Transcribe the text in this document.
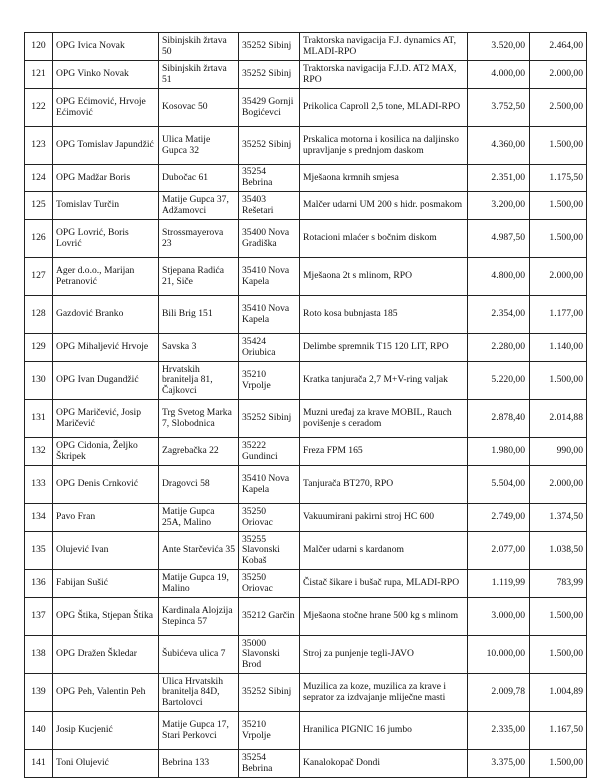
120	OPG Ivica Novak	Sibinjskih žrtava 50	35252 Sibinj	Traktorska navigacija F.J. dynamics AT, MLADI-RPO	3.520,00	2.464,00
121	OPG Vinko Novak	Sibinjskih žrtava 51	35252 Sibinj	Traktorska navigacija F.J.D. AT2 MAX, RPO	4.000,00	2.000,00
122	OPG Ećimović, Hrvoje Ećimović	Kosovac 50	35429 Gornji Bogićevci	Prikolica Caproll 2,5 tone, MLADI-RPO	3.752,50	2.500,00
123	OPG Tomislav Japundžić	Ulica Matije Gupca 32	35252 Sibinj	Prskalica motorna i kosilica na daljinsko upravljanje s prednjom daskom	4.360,00	1.500,00
124	OPG Madžar Boris	Dubočac 61	35254 Bebrina	Mješaona krmnih smjesa	2.351,00	1.175,50
125	Tomislav Turčin	Matije Gupca 37, Adžamovci	35403 Rešetari	Malčer udarni UM 200 s hidr. posmakom	3.200,00	1.500,00
126	OPG Lovrić, Boris Lovrić	Strossmayerova 23	35400 Nova Gradiška	Rotacioni mlaćer s bočnim diskom	4.987,50	1.500,00
127	Ager d.o.o., Marijan Petranović	Stjepana Radića 21, Siče	35410 Nova Kapela	Mješaona 2t s mlinom, RPO	4.800,00	2.000,00
128	Gazdović Branko	Bili Brig 151	35410 Nova Kapela	Roto kosa bubnjasta 185	2.354,00	1.177,00
129	OPG Mihaljević Hrvoje	Savska 3	35424 Oriubica	Delimbe spremnik T15 120 LIT, RPO	2.280,00	1.140,00
130	OPG Ivan Dugandžić	Hrvatskih branitelja 81, Čajkovci	35210 Vrpolje	Kratka tanjurača 2,7 M+V-ring valjak	5.220,00	1.500,00
131	OPG Maričević, Josip Maričević	Trg Svetog Marka 7, Slobodnica	35252 Sibinj	Muzni uređaj za krave MOBIL, Rauch povišenje s ceradom	2.878,40	2.014,88
132	OPG Cidonia, Željko Škripek	Zagrebačka 22	35222 Gundinci	Freza FPM 165	1.980,00	990,00
133	OPG Denis Crnković	Dragovci 58	35410 Nova Kapela	Tanjurača BT270, RPO	5.504,00	2.000,00
134	Pavo Fran	Matije Gupca 25A, Malino	35250 Oriovac	Vakuumirani pakirni stroj HC 600	2.749,00	1.374,50
135	Olujević Ivan	Ante Starčevića 35	35255 Slavonski Kobaš	Malčer udarni s kardanom	2.077,00	1.038,50
136	Fabijan Sušić	Matije Gupca 19, Malino	35250 Oriovac	Čistač šikare i bušač rupa, MLADI-RPO	1.119,99	783,99
137	OPG Štika, Stjepan Štika	Kardinala Alojzija Stepinca 57	35212 Garčin	Mješaona stočne hrane 500 kg s mlinom	3.000,00	1.500,00
138	OPG Dražen Škledar	Šubićeva ulica 7	35000 Slavonski Brod	Stroj za punjenje tegli-JAVO	10.000,00	1.500,00
139	OPG Peh, Valentin Peh	Ulica Hrvatskih branitelja 84D, Bartolovci	35252 Sibinj	Muzilica za koze, muzilica za krave i seprator za izdvajanje mliječne masti	2.009,78	1.004,89
140	Josip Kucjenić	Matije Gupca 17, Stari Perkovci	35210 Vrpolje	Hranilica PIGNIC 16 jumbo	2.335,00	1.167,50
141	Toni Olujević	Bebrina 133	35254 Bebrina	Kanalokopač Dondi	3.375,00	1.500,00
